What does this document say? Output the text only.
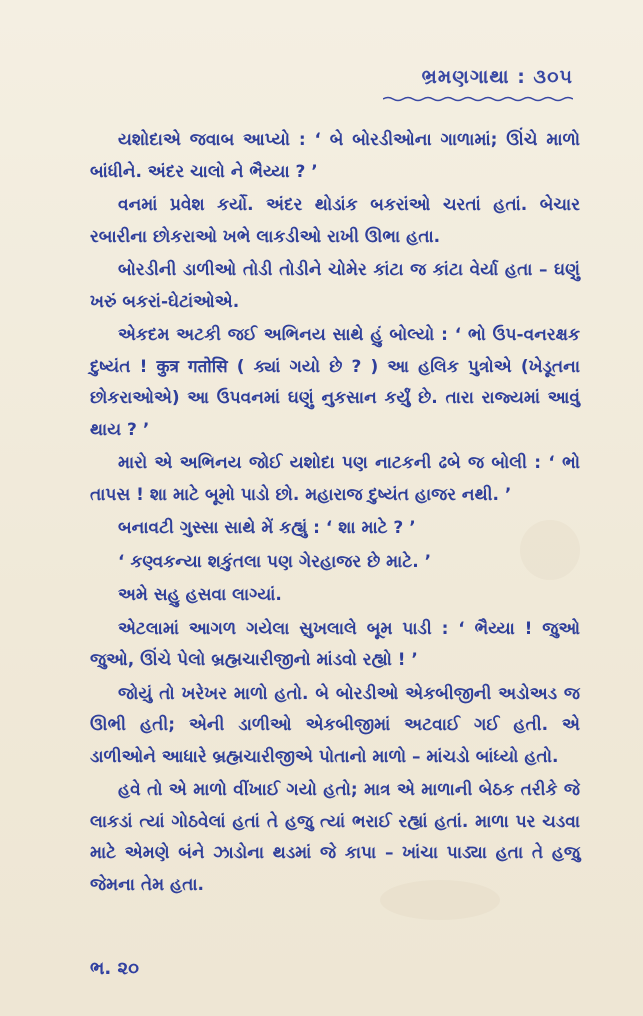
ભ્રમણગાથા : ૩૦૫

યશોદાએ જવાબ આપ્યો : ‘ બે બોરડીઓના ગાળામાં; ઊંચે માળો બાંધીને. અંદર ચાલો ને ભૈય્યા ? ’

વનમાં પ્રવેશ કર્યો. અંદર થોડાંક બકરાંઓ ચરતાં હતાં. બેચાર રબારીના છોકરાઓ ખભે લાકડીઓ રાખી ઊભા હતા.

બોરડીની ડાળીઓ તોડી તોડીને ચોમેર કાંટા જ કાંટા વેર્યા હતા – ઘણું ખરું બકરાં-ઘેટાંઓએ.

એકદમ અટકી જઈ અભિનય સાથે હું બોલ્યો : ‘ ભો ઉપ-વનરક્ષક દુષ્યંત ! कुत्र गतोसि ( ક્યાં ગયો છે ? ) આ હલિક પુત્રોએ (ખેડૂતના છોકરાઓએ) આ ઉપવનમાં ઘણું નુકસાન કર્યું છે. તારા રાજ્યમાં આવું થાય ? ’

મારો એ અભિનય જોઈ યશોદા પણ નાટકની ઢબે જ બોલી : ‘ ભો તાપસ ! શા માટે બૂમો પાડો છો. મહારાજ દુષ્યંત હાજર નથી. ’

બનાવટી ગુસ્સા સાથે મેં કહ્યું : ‘ શા માટે ? ’

‘ કણ્વકન્યા શકુંતલા પણ ગેરહાજર છે માટે. ’

અમે સહુ હસવા લાગ્યાં.

એટલામાં આગળ ગયેલા સુખલાલે બૂમ પાડી : ‘ ભૈય્યા ! જુઓ જુઓ, ઊંચે પેલો બ્રહ્મચારીજીનો માંડવો રહ્યો ! ’

જોયું તો ખરેખર માળો હતો. બે બોરડીઓ એકબીજીની અડોઅડ જ ઊભી હતી; એની ડાળીઓ એકબીજીમાં અટવાઈ ગઈ હતી. એ ડાળીઓને આધારે બ્રહ્મચારીજીએ પોતાનો માળો – માંચડો બાંધ્યો હતો.

હવે તો એ માળો વીંખાઈ ગયો હતો; માત્ર એ માળાની બેઠક તરીકે જે લાકડાં ત્યાં ગોઠવેલાં હતાં તે હજુ ત્યાં ભરાઈ રહ્યાં હતાં. માળા પર ચડવા માટે એમણે બંને ઝાડોના થડમાં જે કાપા – ખાંચા પાડ્યા હતા તે હજુ જેમના તેમ હતા.

ભ. ૨૦
